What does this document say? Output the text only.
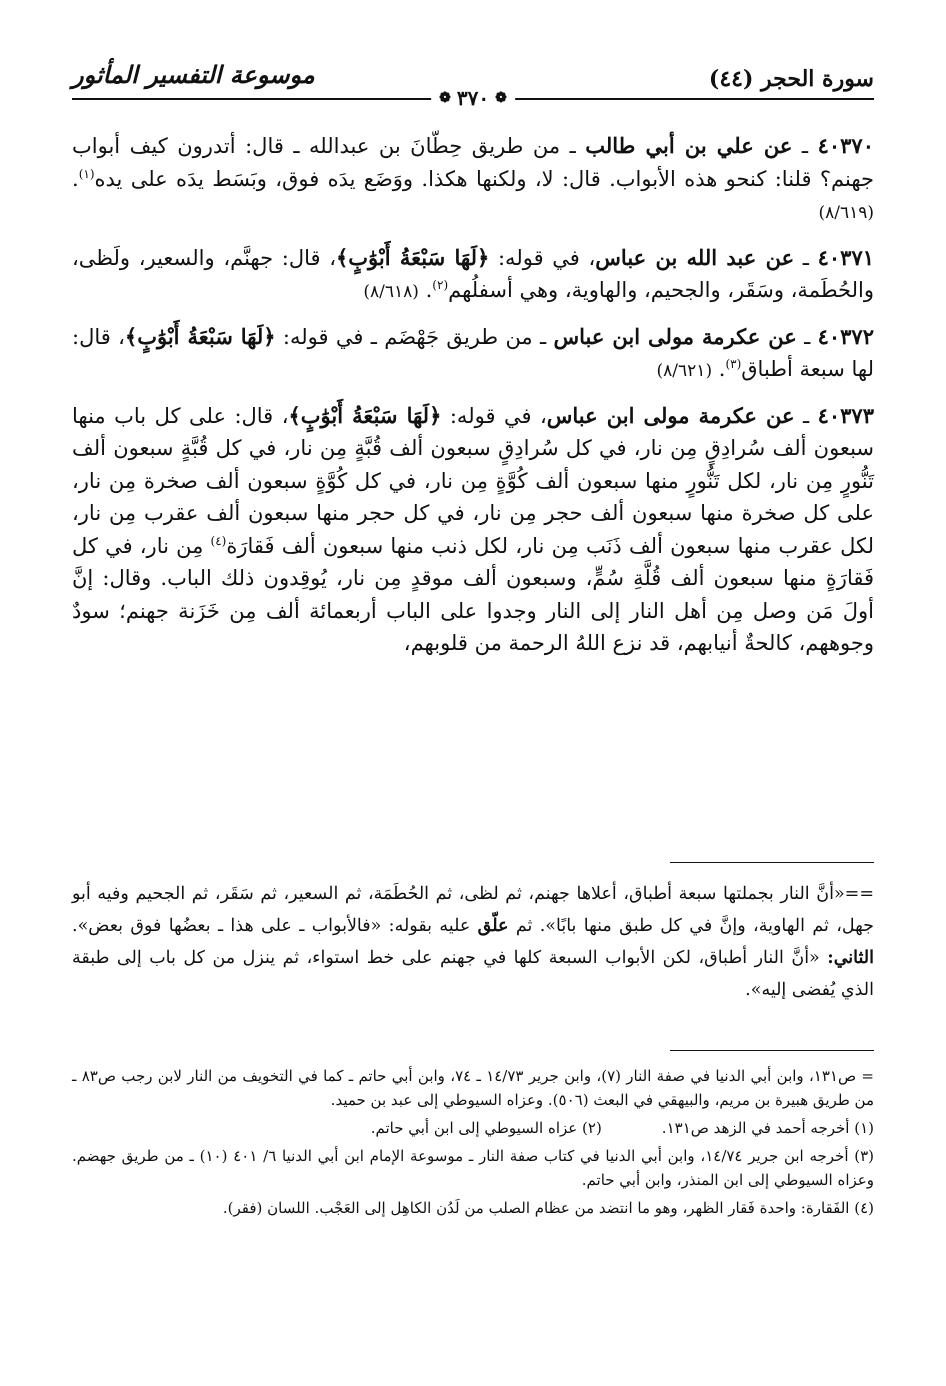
سورة الحجر (٤٤)
موسوعة التفسير المأثور
❁ ٣٧٠ ❁

٤٠٣٧٠ ـ عن علي بن أبي طالب ـ من طريق حِطّانَ بن عبدالله ـ قال: أتدرون كيف أبواب جهنم؟ قلنا: كنحو هذه الأبواب. قال: لا، ولكنها هكذا. ووَضَع يدَه فوق، وبَسَط يدَه على يده$^{(١)}$. (٨/٦١٩)

٤٠٣٧١ ـ عن عبد الله بن عباس، في قوله: ﴿لَهَا سَبْعَةُ أَبْوَٰبٍ﴾، قال: جهنَّم، والسعير، ولَظى، والحُطَمة، وسَقَر، والجحيم، والهاوية، وهي أسفلُهم$^{(٢)}$. (٨/٦١٨)

٤٠٣٧٢ ـ عن عكرمة مولى ابن عباس ـ من طريق جَهْضَم ـ في قوله: ﴿لَهَا سَبْعَةُ أَبْوَٰبٍ﴾، قال: لها سبعة أطباق$^{(٣)}$. (٨/٦٢١)

٤٠٣٧٣ ـ عن عكرمة مولى ابن عباس، في قوله: ﴿لَهَا سَبْعَةُ أَبْوَٰبٍ﴾، قال: على كل باب منها سبعون ألف سُرادِقٍ مِن نار، في كل سُرادِقٍ سبعون ألف قُبَّةٍ مِن نار، في كل قُبَّةٍ سبعون ألف تَنُّورٍ مِن نار، لكل تَنُّورٍ منها سبعون ألف كُوَّةٍ مِن نار، في كل كُوَّةٍ سبعون ألف صخرة مِن نار، على كل صخرة منها سبعون ألف حجر مِن نار، في كل حجر منها سبعون ألف عقرب مِن نار، لكل عقرب منها سبعون ألف ذَنَب مِن نار، لكل ذنب منها سبعون ألف فَقارَة$^{(٤)}$ مِن نار، في كل فَقارَةٍ منها سبعون ألف قُلَّةِ سُمٍّ، وسبعون ألف موقدٍ مِن نار، يُوقِدون ذلك الباب. وقال: إنَّ أولَ مَن وصل مِن أهل النار إلى النار وجدوا على الباب أربعمائة ألف مِن خَزَنة جهنم؛ سودٌ وجوههم، كالحةٌ أنيابهم، قد نزع اللهُ الرحمة من قلوبهم،

==«أنَّ النار بجملتها سبعة أطباق، أعلاها جهنم، ثم لظى، ثم الحُطَمَة، ثم السعير، ثم سَقَر، ثم الجحيم وفيه أبو جهل، ثم الهاوية، وإنَّ في كل طبق منها بابًا». ثم علّق عليه بقوله: «فالأبواب ـ على هذا ـ بعضُها فوق بعض». الثاني: «أنَّ النار أطباق، لكن الأبواب السبعة كلها في جهنم على خط استواء، ثم ينزل من كل باب إلى طبقة الذي يُفضى إليه».

= ص١٣١، وابن أبي الدنيا في صفة النار (٧)، وابن جرير ١٤/٧٣ ـ ٧٤، وابن أبي حاتم ـ كما في التخويف من النار لابن رجب ص٨٣ ـ من طريق هبيرة بن مريم، والبيهقي في البعث (٥٠٦). وعزاه السيوطي إلى عبد بن حميد.

(١) أخرجه أحمد في الزهد ص١٣١.
(٢) عزاه السيوطي إلى ابن أبي حاتم.

(٣) أخرجه ابن جرير ١٤/٧٤، وابن أبي الدنيا في كتاب صفة النار ـ موسوعة الإمام ابن أبي الدنيا ٦/ ٤٠١ (١٠) ـ من طريق جهضم. وعزاه السيوطي إلى ابن المنذر، وابن أبي حاتم.

(٤) الفَقارة: واحدة فَقار الظهر، وهو ما انتضد من عظام الصلب من لَدُن الكاهِل إلى العَجْب. اللسان (فقر).
